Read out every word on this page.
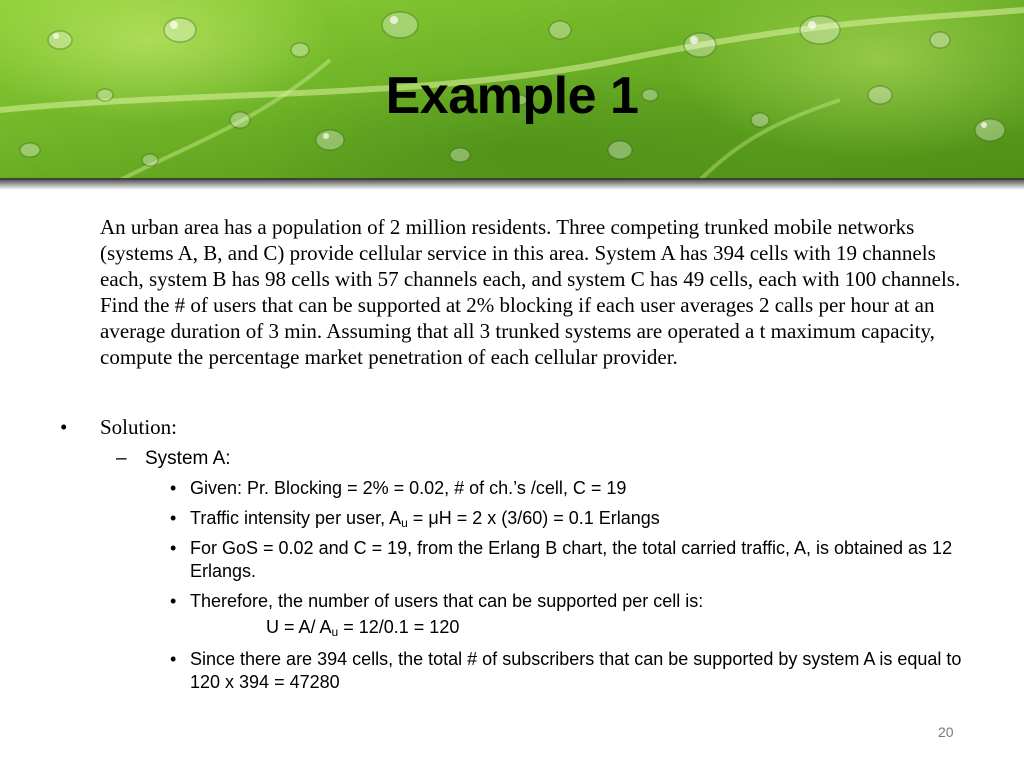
Example 1

An urban area has a population of 2 million residents. Three competing trunked mobile networks (systems A, B, and C) provide cellular service in this area. System A has 394 cells with 19 channels each, system B has 98 cells with 57 channels each, and system C has 49 cells, each with 100 channels. Find the # of users that can be supported at 2% blocking if each user averages 2 calls per hour at an average duration of 3 min. Assuming that all 3 trunked systems are operated a t maximum capacity, compute the percentage market penetration of each cellular provider.

• Solution:
– System A:
• Given: Pr. Blocking = 2% = 0.02, # of ch.’s /cell, C = 19
• Traffic intensity per user, $A_u = \mu H = 2$ x (3/60) = 0.1 Erlangs
• For GoS = 0.02 and C = 19, from the Erlang B chart, the total carried traffic, A, is obtained as 12 Erlangs.
• Therefore, the number of users that can be supported per cell is:
U = A/ $A_u = 12/0.1 = 120$
• Since there are 394 cells, the total # of subscribers that can be supported by system A is equal to 120 x 394 = 47280
20
